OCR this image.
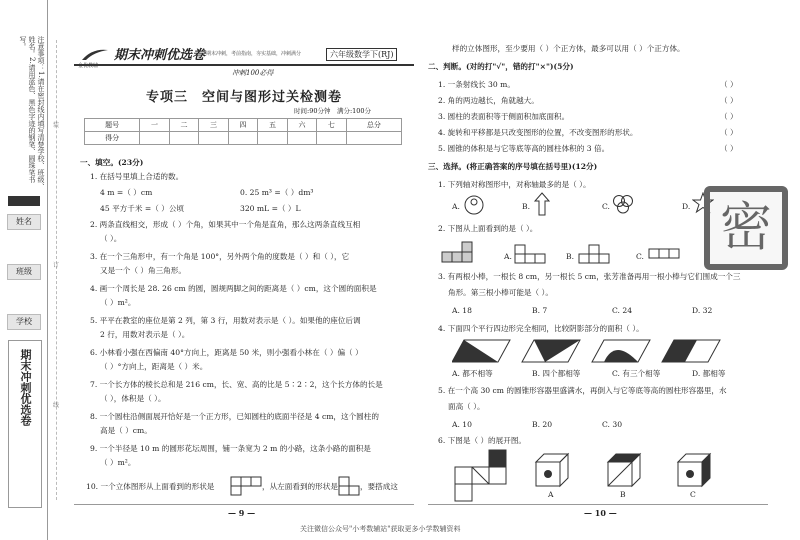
注意事项：1.请在密封线内填写清楚学校、班级、姓名。2.请用蓝色、黑色字迹的钢笔、圆珠笔书写。
姓名
班级
学校
期末冲刺优选卷
装
订
线
金优教辅
期末冲刺优选卷 期末冲刺，考前指南，夯实基础，冲刺满分	六年级数学下(RJ)
冲刺100必得
专项三　空间与图形过关检测卷
时间:90分钟　满分:100分
题号	一	二	三	四	五	六	七	总分
得分								
一、填空。(23分)
1. 在括号里填上合适的数。
4 m =（ ）cm	0. 25 m³ =（ ）dm³
45 平方千米 =（ ）公顷	320 mL =（ ）L
2. 两条直线相交，形成（ ）个角，如果其中一个角是直角，那么这两条直线互相
（ ）。
3. 在一个三角形中，有一个角是 100°，另外两个角的度数是（ ）和（ ），它
又是一个（ ）角三角形。
4. 画一个周长是 28. 26 cm 的圆，圆规两脚之间的距离是（ ）cm，这个圆的面积是
（ ）m²。
5. 平平在教室的座位是第 2 列，第 3 行，用数对表示是（ ）。如果他的座位后调
2 行，用数对表示是（ ）。
6. 小林看小强在西偏南 40°方向上，距离是 50 米，则小强看小林在（ ）偏（ ）
（ ）°方向上，距离是（ ）米。
7. 一个长方体的棱长总和是 216 cm，长、宽、高的比是 5∶2∶2，这个长方体的长是
（ ），体积是（ ）。
8. 一个圆柱沿侧面展开恰好是一个正方形，已知圆柱的底面半径是 4 cm，这个圆柱的
高是（ ）cm。
9. 一个半径是 10 m 的圆形花坛周围，铺一条宽为 2 m 的小路，这条小路的面积是
（ ）m²。
10. 一个立体图形从上面看到的形状是	，从左面看到的形状是	，要搭成这
— 9 —
样的立体图形，至少要用（ ）个正方体，最多可以用（ ）个正方体。
二、判断。(对的打"√"，错的打"×")(5分)
1. 一条射线长 30 m。	（ ）
2. 角的两边越长，角就越大。	（ ）
3. 圆柱的表面积等于侧面积加底面积。	（ ）
4. 旋转和平移都是只改变图形的位置，不改变图形的形状。	（ ）
5. 圆锥的体积是与它等底等高的圆柱体积的 3 倍。	（ ）
三、选择。(将正确答案的序号填在括号里)(12分)
1. 下列轴对称图形中，对称轴最多的是（ ）。
A.	B.	C.	D.
2. 下图从上面看到的是（ ）。
A.	B.	C.
3. 有两根小棒，一根长 8 cm，另一根长 5 cm，张芳准备再用一根小棒与它们围成一个三
角形。第三根小棒可能是（ ）。
A. 18	B. 7	C. 24	D. 32
4. 下面四个平行四边形完全相同，比较阴影部分的面积（ ）。
A. 都不相等	B. 四个都相等	C. 有三个相等	D. 都相等
5. 在一个高 30 cm 的圆锥形容器里盛满水，再倒入与它等底等高的圆柱形容器里，水
面高（ ）。
A. 10	B. 20	C. 30
6. 下图是（ ）的展开图。
A	B	C
密
— 10 —
关注微信公众号"小考数辅站"获取更多小学数辅资料
